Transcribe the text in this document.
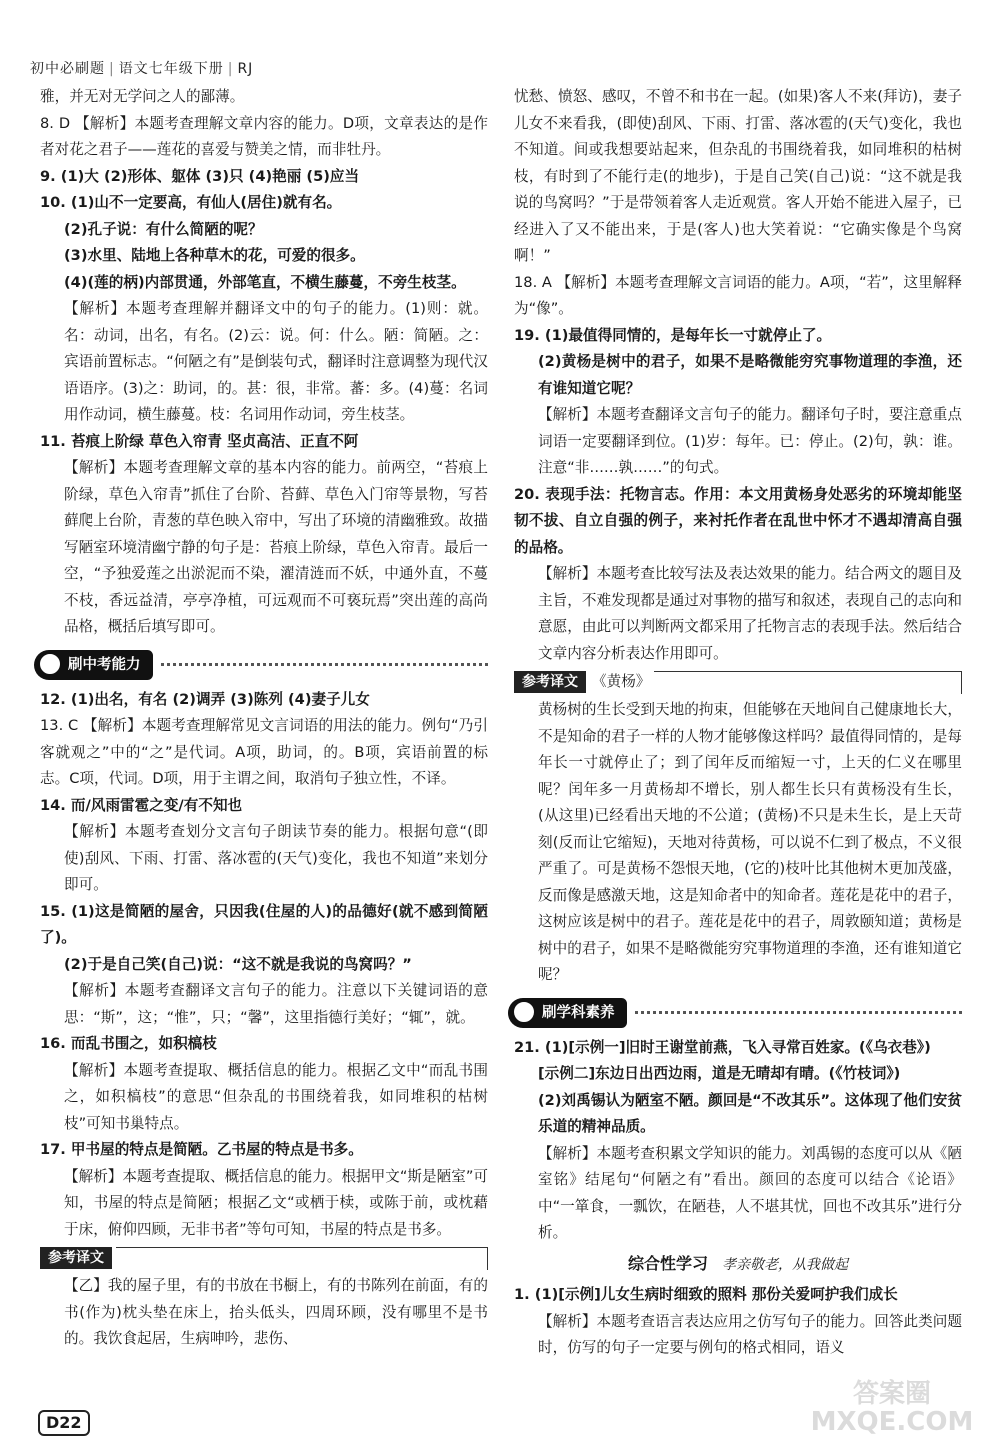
初中必刷题 | 语文七年级下册 | RJ

雅，并无对无学问之人的鄙薄。

8. D 【解析】本题考查理解文章内容的能力。D项，文章表达的是作者对花之君子——莲花的喜爱与赞美之情，而非牡丹。

9. (1)大 (2)形体、躯体 (3)只 (4)艳丽 (5)应当

10. (1)山不一定要高，有仙人(居住)就有名。

(2)孔子说：有什么简陋的呢？

(3)水里、陆地上各种草木的花，可爱的很多。

(4)(莲的柄)内部贯通，外部笔直，不横生藤蔓，不旁生枝茎。

【解析】本题考查理解并翻译文中的句子的能力。(1)则：就。名：动词，出名，有名。(2)云：说。何：什么。陋：简陋。之：宾语前置标志。“何陋之有”是倒装句式，翻译时注意调整为现代汉语语序。(3)之：助词，的。甚：很，非常。蕃：多。(4)蔓：名词用作动词，横生藤蔓。枝：名词用作动词，旁生枝茎。

11. 苔痕上阶绿 草色入帘青 坚贞高洁、正直不阿

【解析】本题考查理解文章的基本内容的能力。前两空，“苔痕上阶绿，草色入帘青”抓住了台阶、苔藓、草色入门帘等景物，写苔藓爬上台阶，青葱的草色映入帘中，写出了环境的清幽雅致。故描写陋室环境清幽宁静的句子是：苔痕上阶绿，草色入帘青。最后一空，“予独爱莲之出淤泥而不染，濯清涟而不妖，中通外直，不蔓不枝，香远益清，亭亭净植，可远观而不可亵玩焉”突出莲的高尚品格，概括后填写即可。

刷中考能力

12. (1)出名，有名 (2)调弄 (3)陈列 (4)妻子儿女

13. C 【解析】本题考查理解常见文言词语的用法的能力。例句“乃引客就观之”中的“之”是代词。A项，助词，的。B项，宾语前置的标志。C项，代词。D项，用于主谓之间，取消句子独立性，不译。

14. 而/风雨雷雹之变/有不知也

【解析】本题考查划分文言句子朗读节奏的能力。根据句意“(即使)刮风、下雨、打雷、落冰雹的(天气)变化，我也不知道”来划分即可。

15. (1)这是简陋的屋舍，只因我(住屋的人)的品德好(就不感到简陋了)。

(2)于是自己笑(自己)说：“这不就是我说的鸟窝吗？”

【解析】本题考查翻译文言句子的能力。注意以下关键词语的意思：“斯”，这；“惟”，只；“馨”，这里指德行美好；“辄”，就。

16. 而乱书围之，如积槁枝

【解析】本题考查提取、概括信息的能力。根据乙文中“而乱书围之，如积槁枝”的意思“但杂乱的书围绕着我，如同堆积的枯树枝”可知书巢特点。

17. 甲书屋的特点是简陋。乙书屋的特点是书多。

【解析】本题考查提取、概括信息的能力。根据甲文“斯是陋室”可知，书屋的特点是简陋；根据乙文“或栖于椟，或陈于前，或枕藉于床，俯仰四顾，无非书者”等句可知，书屋的特点是书多。

参考译文

【乙】我的屋子里，有的书放在书橱上，有的书陈列在前面，有的书(作为)枕头垫在床上，抬头低头，四周环顾，没有哪里不是书的。我饮食起居，生病呻吟，悲伤、

忧愁、愤怒、感叹，不曾不和书在一起。(如果)客人不来(拜访)，妻子儿女不来看我，(即使)刮风、下雨、打雷、落冰雹的(天气)变化，我也不知道。间或我想要站起来，但杂乱的书围绕着我，如同堆积的枯树枝，有时到了不能行走(的地步)，于是自己笑(自己)说：“这不就是我说的鸟窝吗？”于是带领着客人走近观赏。客人开始不能进入屋子，已经进入了又不能出来，于是(客人)也大笑着说：“它确实像是个鸟窝啊！”

18. A 【解析】本题考查理解文言词语的能力。A项，“若”，这里解释为“像”。

19. (1)最值得同情的，是每年长一寸就停止了。

(2)黄杨是树中的君子，如果不是略微能穷究事物道理的李渔，还有谁知道它呢？

【解析】本题考查翻译文言句子的能力。翻译句子时，要注意重点词语一定要翻译到位。(1)岁：每年。已：停止。(2)句，孰：谁。注意“非……孰……”的句式。

20. 表现手法：托物言志。作用：本文用黄杨身处恶劣的环境却能坚韧不拔、自立自强的例子，来衬托作者在乱世中怀才不遇却清高自强的品格。

【解析】本题考查比较写法及表达效果的能力。结合两文的题目及主旨，不难发现都是通过对事物的描写和叙述，表现自己的志向和意愿，由此可以判断两文都采用了托物言志的表现手法。然后结合文章内容分析表达作用即可。

参考译文 《黄杨》

黄杨树的生长受到天地的拘束，但能够在天地间自己健康地长大，不是知命的君子一样的人物才能够像这样吗？最值得同情的，是每年长一寸就停止了；到了闰年反而缩短一寸，上天的仁义在哪里呢？闰年多一月黄杨却不增长，别人都生长只有黄杨没有生长，(从这里)已经看出天地的不公道；(黄杨)不只是未生长，是上天苛刻(反而让它缩短)，天地对待黄杨，可以说不仁到了极点，不义很严重了。可是黄杨不怨恨天地，(它的)枝叶比其他树木更加茂盛，反而像是感激天地，这是知命者中的知命者。莲花是花中的君子，这树应该是树中的君子。莲花是花中的君子，周敦颐知道；黄杨是树中的君子，如果不是略微能穷究事物道理的李渔，还有谁知道它呢？

刷学科素养

21. (1)[示例一]旧时王谢堂前燕，飞入寻常百姓家。(《乌衣巷》)

[示例二]东边日出西边雨，道是无晴却有晴。(《竹枝词》)

(2)刘禹锡认为陋室不陋。颜回是“不改其乐”。这体现了他们安贫乐道的精神品质。

【解析】本题考查积累文学知识的能力。刘禹锡的态度可以从《陋室铭》结尾句“何陋之有”看出。颜回的态度可以结合《论语》中“一箪食，一瓢饮，在陋巷，人不堪其忧，回也不改其乐”进行分析。

综合性学习 孝亲敬老，从我做起

1. (1)[示例]儿女生病时细致的照料 那份关爱呵护我们成长

【解析】本题考查语言表达应用之仿写句子的能力。回答此类问题时，仿写的句子一定要与例句的格式相同，语义

D22
答案圈 MXQE.COM
